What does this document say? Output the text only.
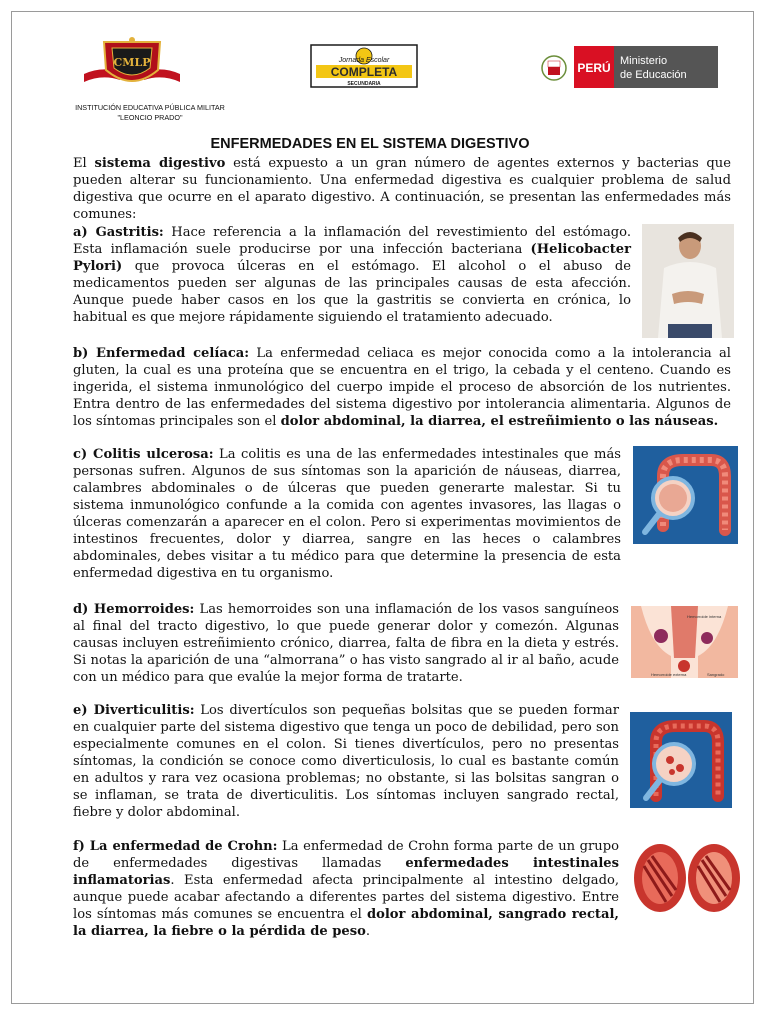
CMLP	Jornada Escolar
COMPLETA
SECUNDARIA
PERÚ Ministerio
de Educación
INSTITUCIÓN EDUCATIVA PÚBLICA MILITAR
"LEONCIO PRADO"
ENFERMEDADES EN EL SISTEMA DIGESTIVO
El sistema digestivo está expuesto a un gran número de agentes externos y bacterias que pueden alterar su funcionamiento. Una enfermedad digestiva es cualquier problema de salud digestiva que ocurre en el aparato digestivo. A continuación, se presentan las enfermedades más comunes:
a) Gastritis: Hace referencia a la inflamación del revestimiento del estómago. Esta inflamación suele producirse por una infección bacteriana (Helicobacter Pylori) que provoca úlceras en el estómago. El alcohol o el abuso de medicamentos pueden ser algunas de las principales causas de esta afección. Aunque puede haber casos en los que la gastritis se convierta en crónica, lo habitual es que mejore rápidamente siguiendo el tratamiento adecuado.
b) Enfermedad celíaca: La enfermedad celiaca es mejor conocida como a la intolerancia al gluten, la cual es una proteína que se encuentra en el trigo, la cebada y el centeno. Cuando es ingerida, el sistema inmunológico del cuerpo impide el proceso de absorción de los nutrientes. Entra dentro de las enfermedades del sistema digestivo por intolerancia alimentaria. Algunos de los síntomas principales son el dolor abdominal, la diarrea, el estreñimiento o las náuseas.
c) Colitis ulcerosa: La colitis es una de las enfermedades intestinales que más personas sufren. Algunos de sus síntomas son la aparición de náuseas, diarrea, calambres abdominales o de úlceras que pueden generarte malestar. Si tu sistema inmunológico confunde a la comida con agentes invasores, las llagas o úlceras comenzarán a aparecer en el colon. Pero si experimentas movimientos de intestinos frecuentes, dolor y diarrea, sangre en las heces o calambres abdominales, debes visitar a tu médico para que determine la presencia de esta enfermedad digestiva en tu organismo.
d) Hemorroides: Las hemorroides son una inflamación de los vasos sanguíneos al final del tracto digestivo, lo que puede generar dolor y comezón. Algunas causas incluyen estreñimiento crónico, diarrea, falta de fibra en la dieta y estrés. Si notas la aparición de una “almorrana” o has visto sangrado al ir al baño, acude con un médico para que evalúe la mejor forma de tratarte.
Hemorroide interna
Hemorroide externa	Sangrado
e) Diverticulitis: Los divertículos son pequeñas bolsitas que se pueden formar en cualquier parte del sistema digestivo que tenga un poco de debilidad, pero son especialmente comunes en el colon. Si tienes divertículos, pero no presentas síntomas, la condición se conoce como diverticulosis, lo cual es bastante común en adultos y rara vez ocasiona problemas; no obstante, si las bolsitas sangran o se inflaman, se trata de diverticulitis. Los síntomas incluyen sangrado rectal, fiebre y dolor abdominal.
f) La enfermedad de Crohn: La enfermedad de Crohn forma parte de un grupo de enfermedades digestivas llamadas enfermedades intestinales inflamatorias. Esta enfermedad afecta principalmente al intestino delgado, aunque puede acabar afectando a diferentes partes del sistema digestivo. Entre los síntomas más comunes se encuentra el dolor abdominal, sangrado rectal, la diarrea, la fiebre o la pérdida de peso.
